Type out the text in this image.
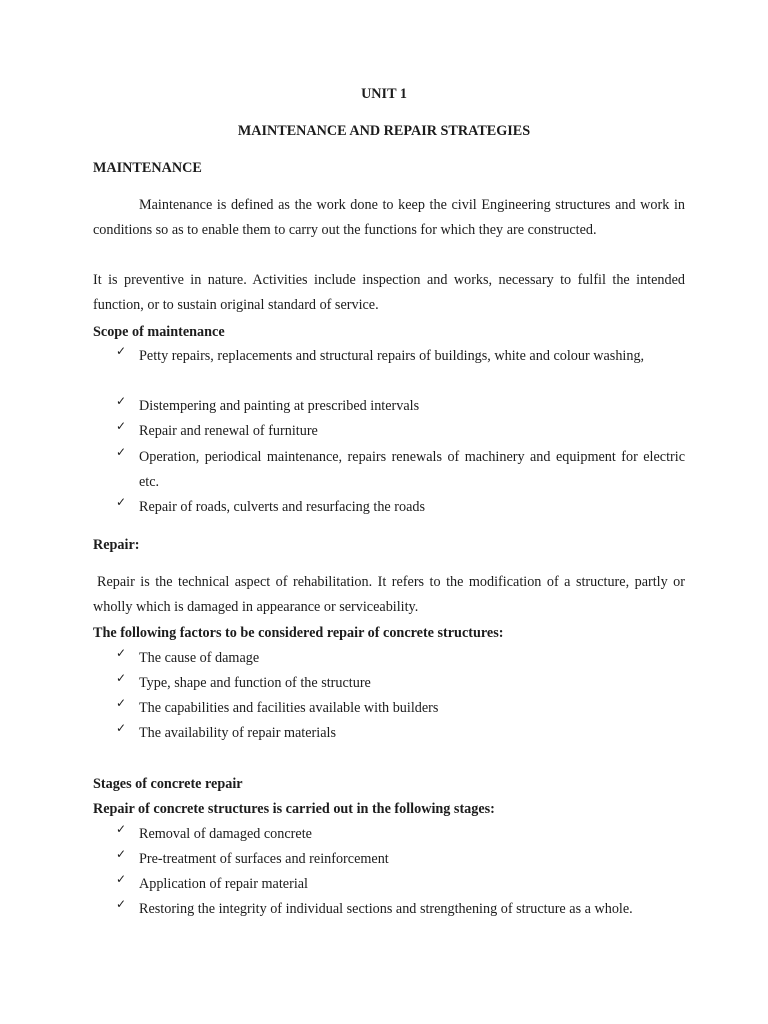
UNIT 1
MAINTENANCE AND REPAIR STRATEGIES
MAINTENANCE
Maintenance is defined as the work done to keep the civil Engineering structures and work in conditions so as to enable them to carry out the functions for which they are constructed.
It is preventive in nature. Activities include inspection and works, necessary to fulfil the intended function, or to sustain original standard of service.
Scope of maintenance
✓ Petty repairs, replacements and structural repairs of buildings, white and colour washing,
✓ Distempering and painting at prescribed intervals
✓ Repair and renewal of furniture
✓ Operation, periodical maintenance, repairs renewals of machinery and equipment for electric etc.
✓ Repair of roads, culverts and resurfacing the roads
Repair:
Repair is the technical aspect of rehabilitation. It refers to the modification of a structure, partly or wholly which is damaged in appearance or serviceability.
The following factors to be considered repair of concrete structures:
✓ The cause of damage
✓ Type, shape and function of the structure
✓ The capabilities and facilities available with builders
✓ The availability of repair materials
Stages of concrete repair
Repair of concrete structures is carried out in the following stages:
✓ Removal of damaged concrete
✓ Pre-treatment of surfaces and reinforcement
✓ Application of repair material
✓ Restoring the integrity of individual sections and strengthening of structure as a whole.
